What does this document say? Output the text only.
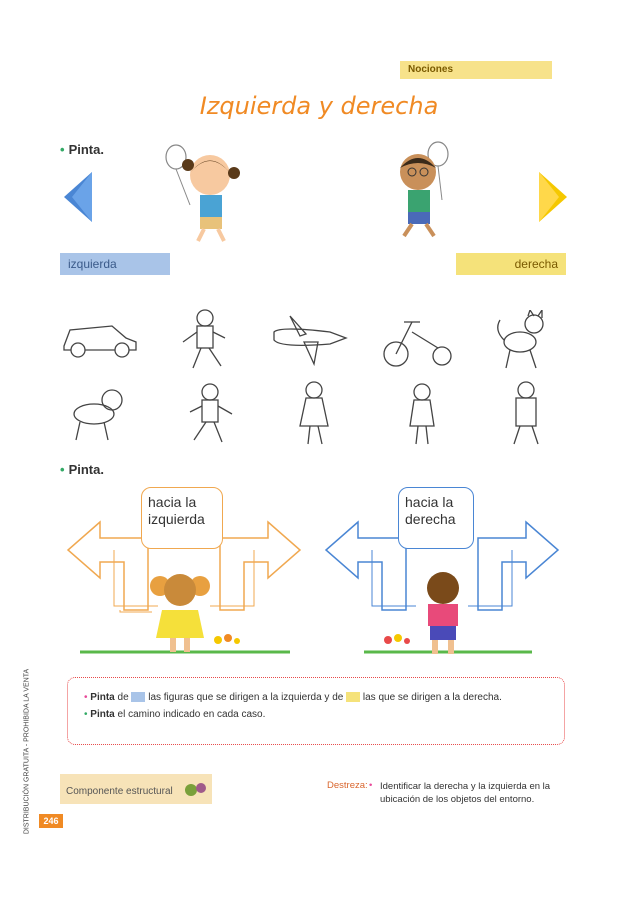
Nociones
Izquierda y derecha
• Pinta.
izquierda	derecha
• Pinta.
hacia la izquierda
hacia la derecha
DISTRIBUCIÓN GRATUITA - PROHIBIDA LA VENTA	• Pinta de  las figuras que se dirigen a la izquierda y de  las que se dirigen a la derecha.
• Pinta el camino indicado en cada caso.
Componente estructural
Destreza: • Identificar la derecha y la izquierda en la ubicación de los objetos del entorno.
246
